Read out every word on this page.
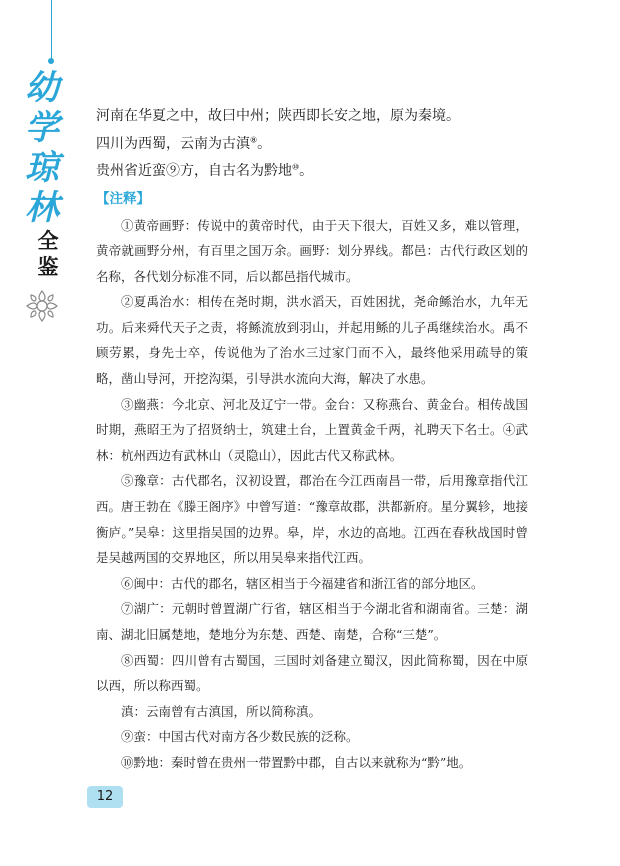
幼
学
琼
林
全
鉴

河南在华夏之中，故曰中州；陕西即长安之地，原为秦境。

四川为西蜀，云南为古滇⑧。

贵州省近蛮⑨方，自古名为黔地⑩。

【注释】

①黄帝画野：传说中的黄帝时代，由于天下很大，百姓又多，难以管理，黄帝就画野分州，有百里之国万余。画野：划分界线。都邑：古代行政区划的名称，各代划分标准不同，后以都邑指代城市。

②夏禹治水：相传在尧时期，洪水滔天，百姓困扰，尧命鲧治水，九年无功。后来舜代天子之责，将鲧流放到羽山，并起用鲧的儿子禹继续治水。禹不顾劳累，身先士卒，传说他为了治水三过家门而不入，最终他采用疏导的策略，凿山导河，开挖沟渠，引导洪水流向大海，解决了水患。

③幽燕：今北京、河北及辽宁一带。金台：又称燕台、黄金台。相传战国时期，燕昭王为了招贤纳士，筑建土台，上置黄金千两，礼聘天下名士。④武林：杭州西边有武林山（灵隐山），因此古代又称武林。

⑤豫章：古代郡名，汉初设置，郡治在今江西南昌一带，后用豫章指代江西。唐王勃在《滕王阁序》中曾写道：“豫章故郡，洪都新府。星分翼轸，地接衡庐。”吴皋：这里指吴国的边界。皋，岸，水边的高地。江西在春秋战国时曾是吴越两国的交界地区，所以用吴皋来指代江西。

⑥闽中：古代的郡名，辖区相当于今福建省和浙江省的部分地区。

⑦湖广：元朝时曾置湖广行省，辖区相当于今湖北省和湖南省。三楚：湖南、湖北旧属楚地，楚地分为东楚、西楚、南楚，合称“三楚”。

⑧西蜀：四川曾有古蜀国，三国时刘备建立蜀汉，因此简称蜀，因在中原以西，所以称西蜀。

滇：云南曾有古滇国，所以简称滇。

⑨蛮：中国古代对南方各少数民族的泛称。

⑩黔地：秦时曾在贵州一带置黔中郡，自古以来就称为“黔”地。

12
